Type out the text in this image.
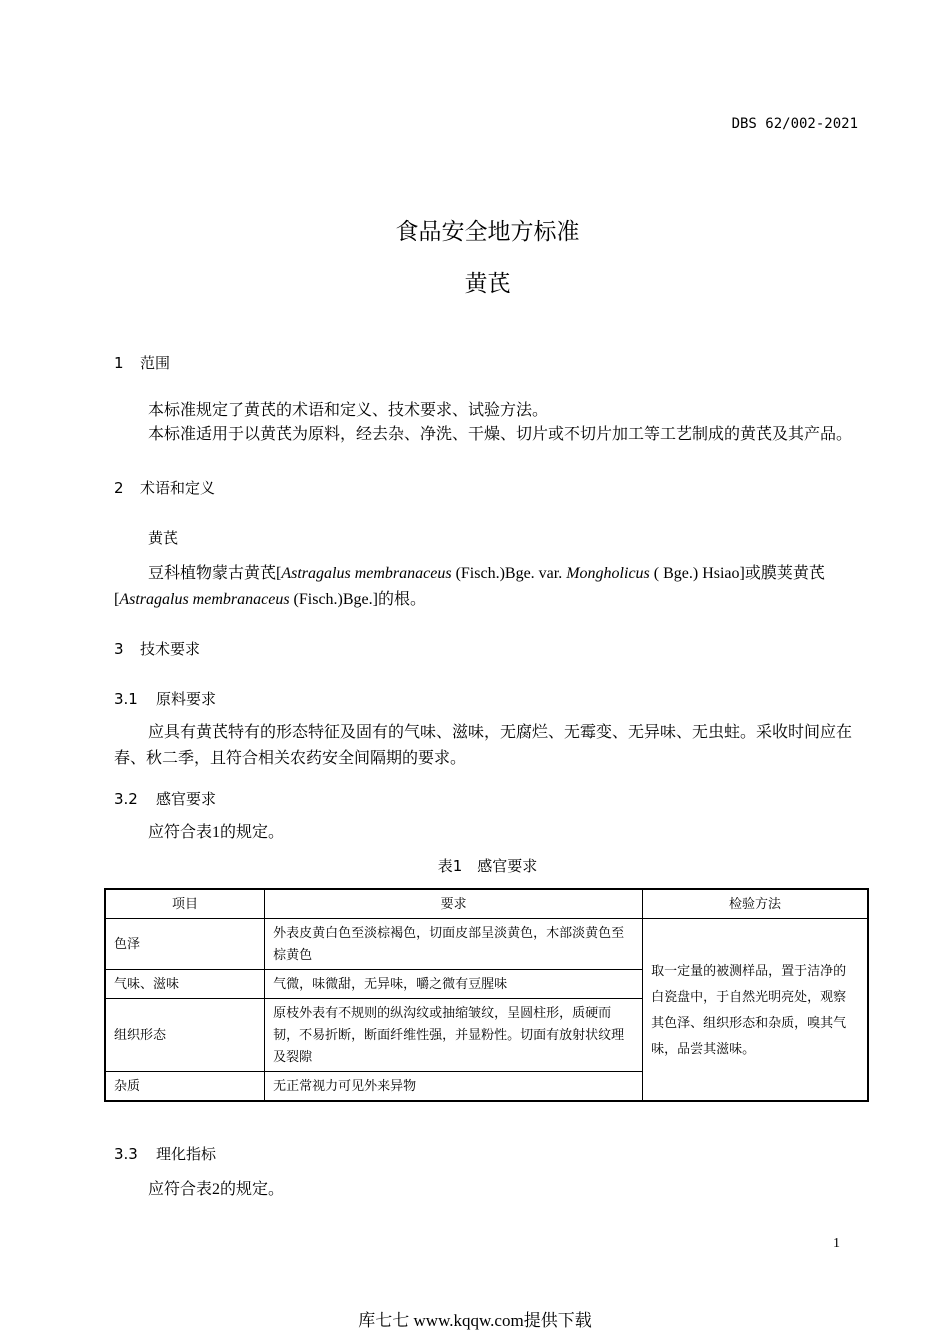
DBS 62/002-2021
食品安全地方标准
黄芪
1 范围
本标准规定了黄芪的术语和定义、技术要求、试验方法。
本标准适用于以黄芪为原料，经去杂、净洗、干燥、切片或不切片加工等工艺制成的黄芪及其产品。
2 术语和定义
黄芪
豆科植物蒙古黄芪[Astragalus membranaceus (Fisch.)Bge. var. Mongholicus ( Bge.) Hsiao]或膜荚黄芪
[Astragalus membranaceus (Fisch.)Bge.]的根。
3 技术要求
3.1 原料要求
应具有黄芪特有的形态特征及固有的气味、滋味，无腐烂、无霉变、无异味、无虫蛀。采收时间应在春、秋二季，且符合相关农药安全间隔期的要求。
3.2 感官要求
应符合表1的规定。
表1　感官要求
项目	要求	检验方法
色泽	外表皮黄白色至淡棕褐色，切面皮部呈淡黄色，木部淡黄色至棕黄色	取一定量的被测样品，置于洁净的白瓷盘中，于自然光明亮处，观察其色泽、组织形态和杂质，嗅其气味，品尝其滋味。
气味、滋味	气微，味微甜，无异味，嚼之微有豆腥味	
组织形态	原枝外表有不规则的纵沟纹或抽缩皱纹，呈圆柱形，质硬而韧，不易折断，断面纤维性强，并显粉性。切面有放射状纹理及裂隙	
杂质	无正常视力可见外来异物	
3.3 理化指标
应符合表2的规定。
1
库七七 www.kqqw.com提供下载
